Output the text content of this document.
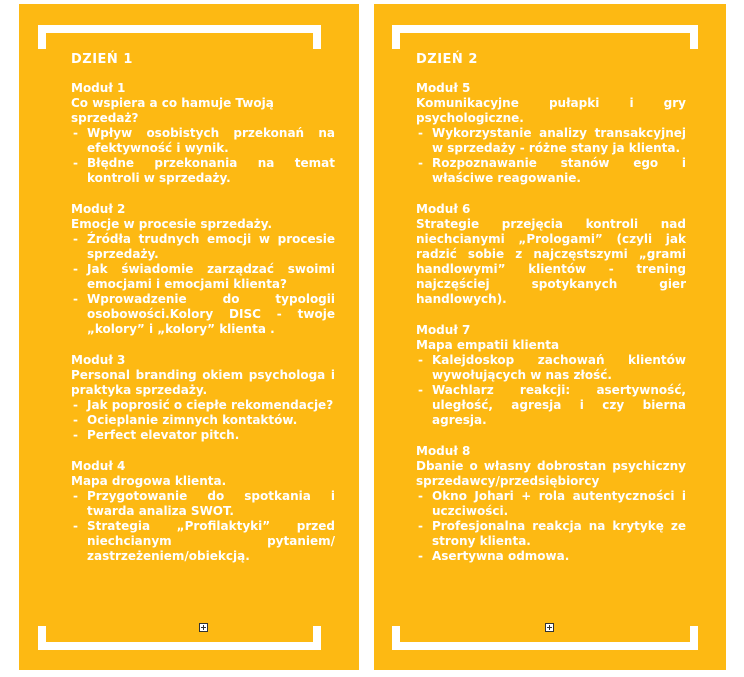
DZIEŃ 1
Moduł 1
Co wspiera a co hamuje Twoją sprzedaż?
- Wpływ osobistych przekonań na efektywność i wynik.
- Błędne przekonania na temat kontroli w sprzedaży.
Moduł 2
Emocje w procesie sprzedaży.
- Źródła trudnych emocji w procesie sprzedaży.
- Jak świadomie zarządzać swoimi emocjami i emocjami klienta?
- Wprowadzenie do typologii osobowości.Kolory DISC - twoje „kolory” i „kolory” klienta .
Moduł 3
Personal branding okiem psychologa i praktyka sprzedaży.
- Jak poprosić o ciepłe rekomendacje?
- Ocieplanie zimnych kontaktów.
- Perfect elevator pitch.
Moduł 4
Mapa drogowa klienta.
- Przygotowanie do spotkania i twarda analiza SWOT.
- Strategia „Profilaktyki” przed niechcianym pytaniem/ zastrzeżeniem/obiekcją.
DZIEŃ 2
Moduł 5
Komunikacyjne pułapki i gry psychologiczne.
- Wykorzystanie analizy transakcyjnej w sprzedaży - różne stany ja klienta.
- Rozpoznawanie stanów ego i właściwe reagowanie.
Moduł 6
Strategie przejęcia kontroli nad niechcianymi „Prologami” (czyli jak radzić sobie z najczęstszymi „grami handlowymi” klientów - trening najczęściej spotykanych gier handlowych).
Moduł 7
Mapa empatii klienta
- Kalejdoskop zachowań klientów wywołujących w nas złość.
- Wachlarz reakcji: asertywność, uległość, agresja i czy bierna agresja.
Moduł 8
Dbanie o własny dobrostan psychiczny sprzedawcy/przedsiębiorcy
- Okno Johari + rola autentyczności i uczciwości.
- Profesjonalna reakcja na krytykę ze strony klienta.
- Asertywna odmowa.
